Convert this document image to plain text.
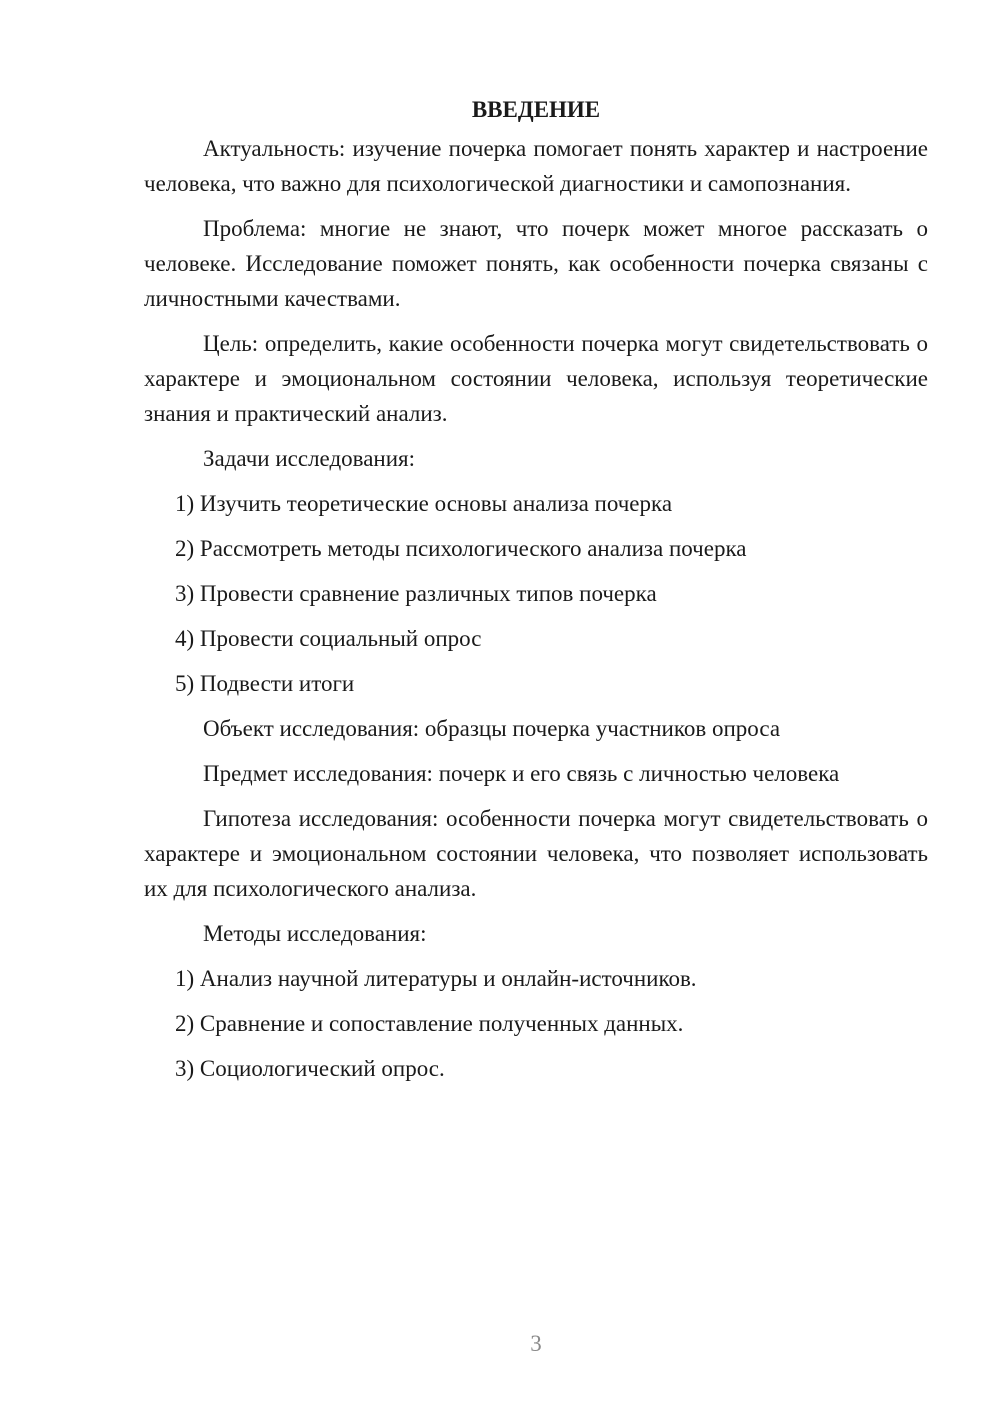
ВВЕДЕНИЕ

Актуальность: изучение почерка помогает понять характер и настроение человека, что важно для психологической диагностики и самопознания.

Проблема: многие не знают, что почерк может многое рассказать о человеке. Исследование поможет понять, как особенности почерка связаны с личностными качествами.

Цель: определить, какие особенности почерка могут свидетельствовать о характере и эмоциональном состоянии человека, используя теоретические знания и практический анализ.

Задачи исследования:
1) Изучить теоретические основы анализа почерка
2) Рассмотреть методы психологического анализа почерка
3) Провести сравнение различных типов почерка
4) Провести социальный опрос
5) Подвести итоги
Объект исследования: образцы почерка участников опроса
Предмет исследования: почерк и его связь с личностью человека

Гипотеза исследования: особенности почерка могут свидетельствовать о характере и эмоциональном состоянии человека, что позволяет использовать их для психологического анализа.

Методы исследования:
1) Анализ научной литературы и онлайн-источников.
2) Сравнение и сопоставление полученных данных.
3) Социологический опрос.
3
